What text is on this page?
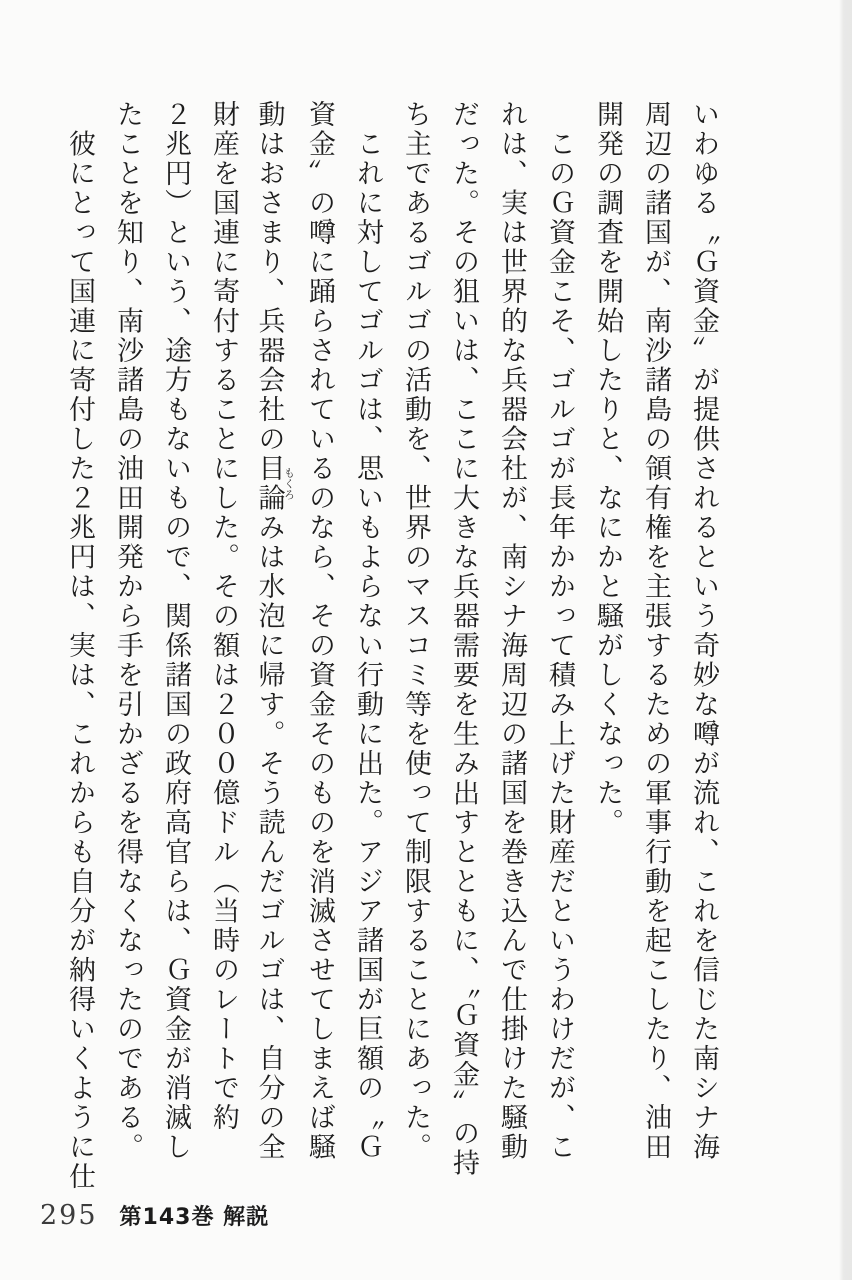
いわゆる〝Ｇ資金〟が提供されるという奇妙な噂が流れ、これを信じた南シナ海
周辺の諸国が、南沙諸島の領有権を主張するための軍事行動を起こしたり、油田
開発の調査を開始したりと、なにかと騒がしくなった。
　このＧ資金こそ、ゴルゴが長年かかって積み上げた財産だというわけだが、こ
れは、実は世界的な兵器会社が、南シナ海周辺の諸国を巻き込んで仕掛けた騒動
だった。その狙いは、ここに大きな兵器需要を生み出すとともに、〝Ｇ資金〟の持
ち主であるゴルゴの活動を、世界のマスコミ等を使って制限することにあった。
　これに対してゴルゴは、思いもよらない行動に出た。アジア諸国が巨額の〝Ｇ
資金〟の噂に踊らされているのなら、その資金そのものを消滅させてしまえば騒
動はおさまり、兵器会社の目論もくろみは水泡に帰す。そう読んだゴルゴは、自分の全
財産を国連に寄付することにした。その額は２００億ドル（当時のレートで約
２兆円）という、途方もないもので、関係諸国の政府高官らは、Ｇ資金が消滅し
たことを知り、南沙諸島の油田開発から手を引かざるを得なくなったのである。
　彼にとって国連に寄付した２兆円は、実は、これからも自分が納得いくように仕
295 第143巻 解説
